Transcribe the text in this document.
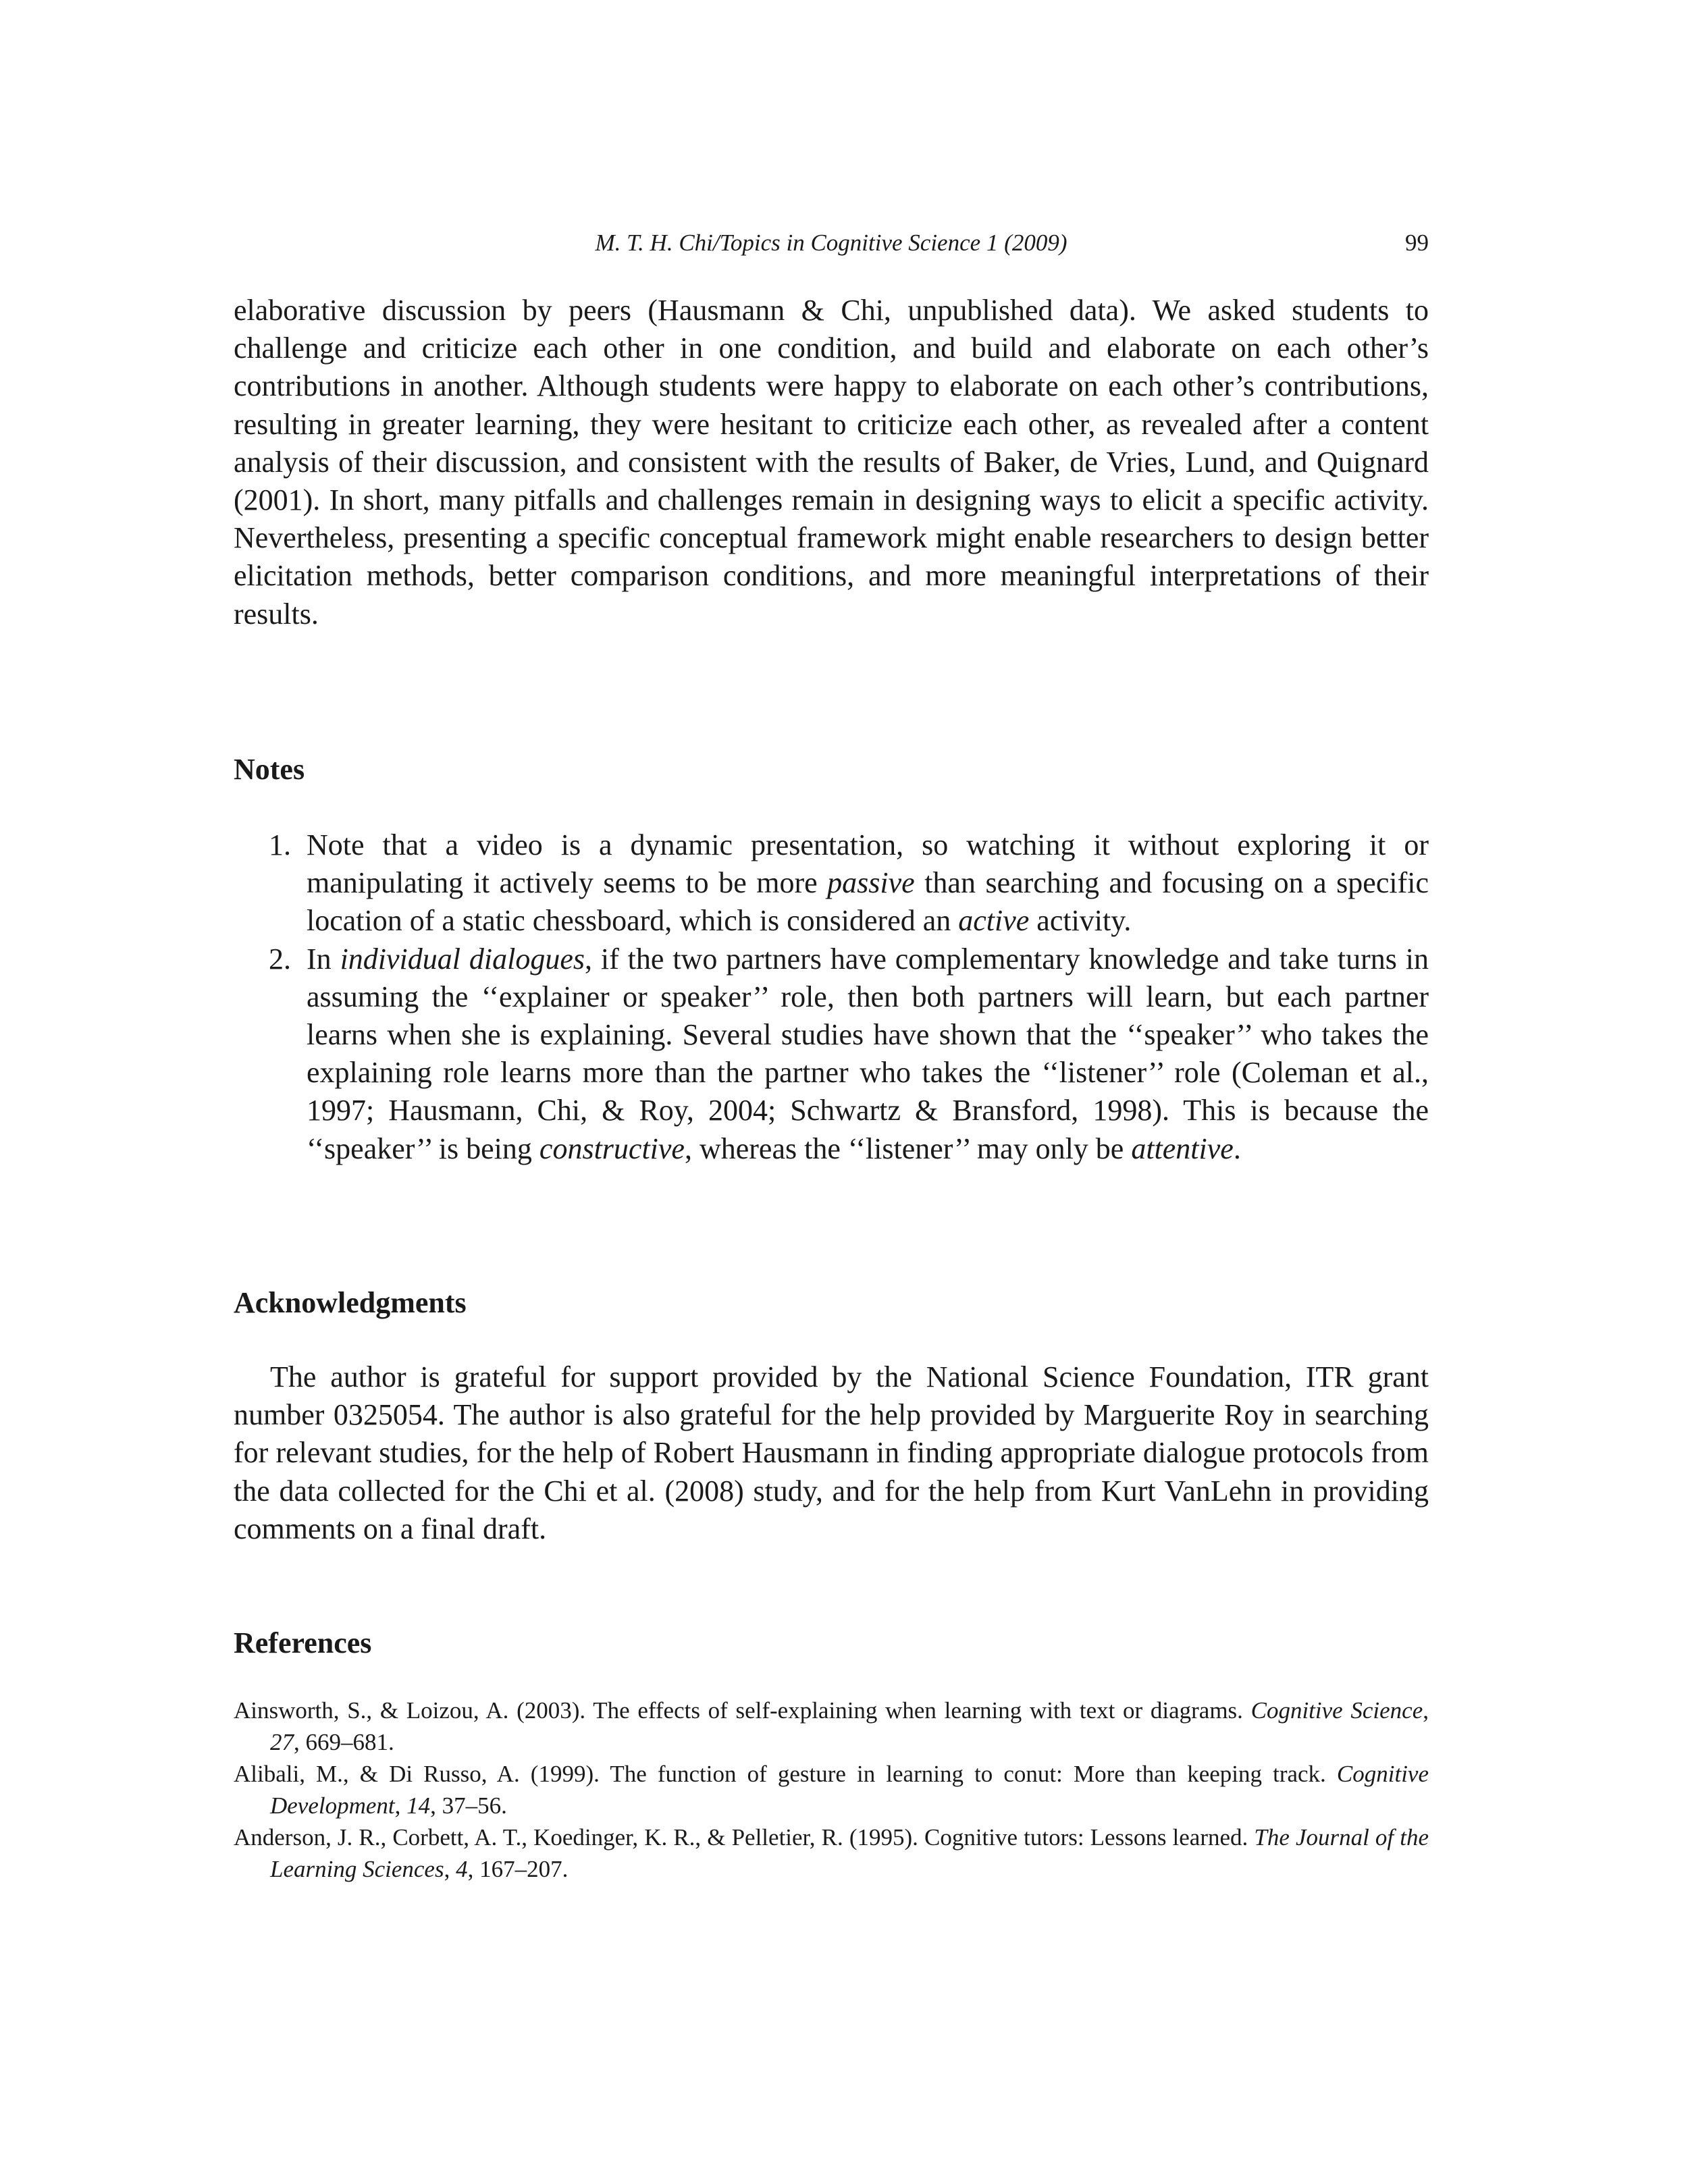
M. T. H. Chi/Topics in Cognitive Science 1 (2009)	99

elaborative discussion by peers (Hausmann & Chi, unpublished data). We asked students to challenge and criticize each other in one condition, and build and elaborate on each other’s contributions in another. Although students were happy to elaborate on each other’s contributions, resulting in greater learning, they were hesitant to criticize each other, as revealed after a content analysis of their discussion, and consistent with the results of Baker, de Vries, Lund, and Quignard (2001). In short, many pitfalls and challenges remain in designing ways to elicit a specific activity. Nevertheless, presenting a specific conceptual framework might enable researchers to design better elicitation methods, better comparison conditions, and more meaningful interpretations of their results.

Notes
1. Note that a video is a dynamic presentation, so watching it without exploring it or manipulating it actively seems to be more passive than searching and focusing on a specific location of a static chessboard, which is considered an active activity.
2. In individual dialogues, if the two partners have complementary knowledge and take turns in assuming the ‘‘explainer or speaker’’ role, then both partners will learn, but each partner learns when she is explaining. Several studies have shown that the ‘‘speaker’’ who takes the explaining role learns more than the partner who takes the ‘‘listener’’ role (Coleman et al., 1997; Hausmann, Chi, & Roy, 2004; Schwartz & Bransford, 1998). This is because the ‘‘speaker’’ is being constructive, whereas the ‘‘listener’’ may only be attentive.
Acknowledgments

The author is grateful for support provided by the National Science Foundation, ITR grant number 0325054. The author is also grateful for the help provided by Marguerite Roy in searching for relevant studies, for the help of Robert Hausmann in finding appropriate dialogue protocols from the data collected for the Chi et al. (2008) study, and for the help from Kurt VanLehn in providing comments on a final draft.

References
Ainsworth, S., & Loizou, A. (2003). The effects of self-explaining when learning with text or diagrams. Cognitive Science, 27, 669–681.
Alibali, M., & Di Russo, A. (1999). The function of gesture in learning to conut: More than keeping track. Cognitive Development, 14, 37–56.
Anderson, J. R., Corbett, A. T., Koedinger, K. R., & Pelletier, R. (1995). Cognitive tutors: Lessons learned. The Journal of the Learning Sciences, 4, 167–207.
